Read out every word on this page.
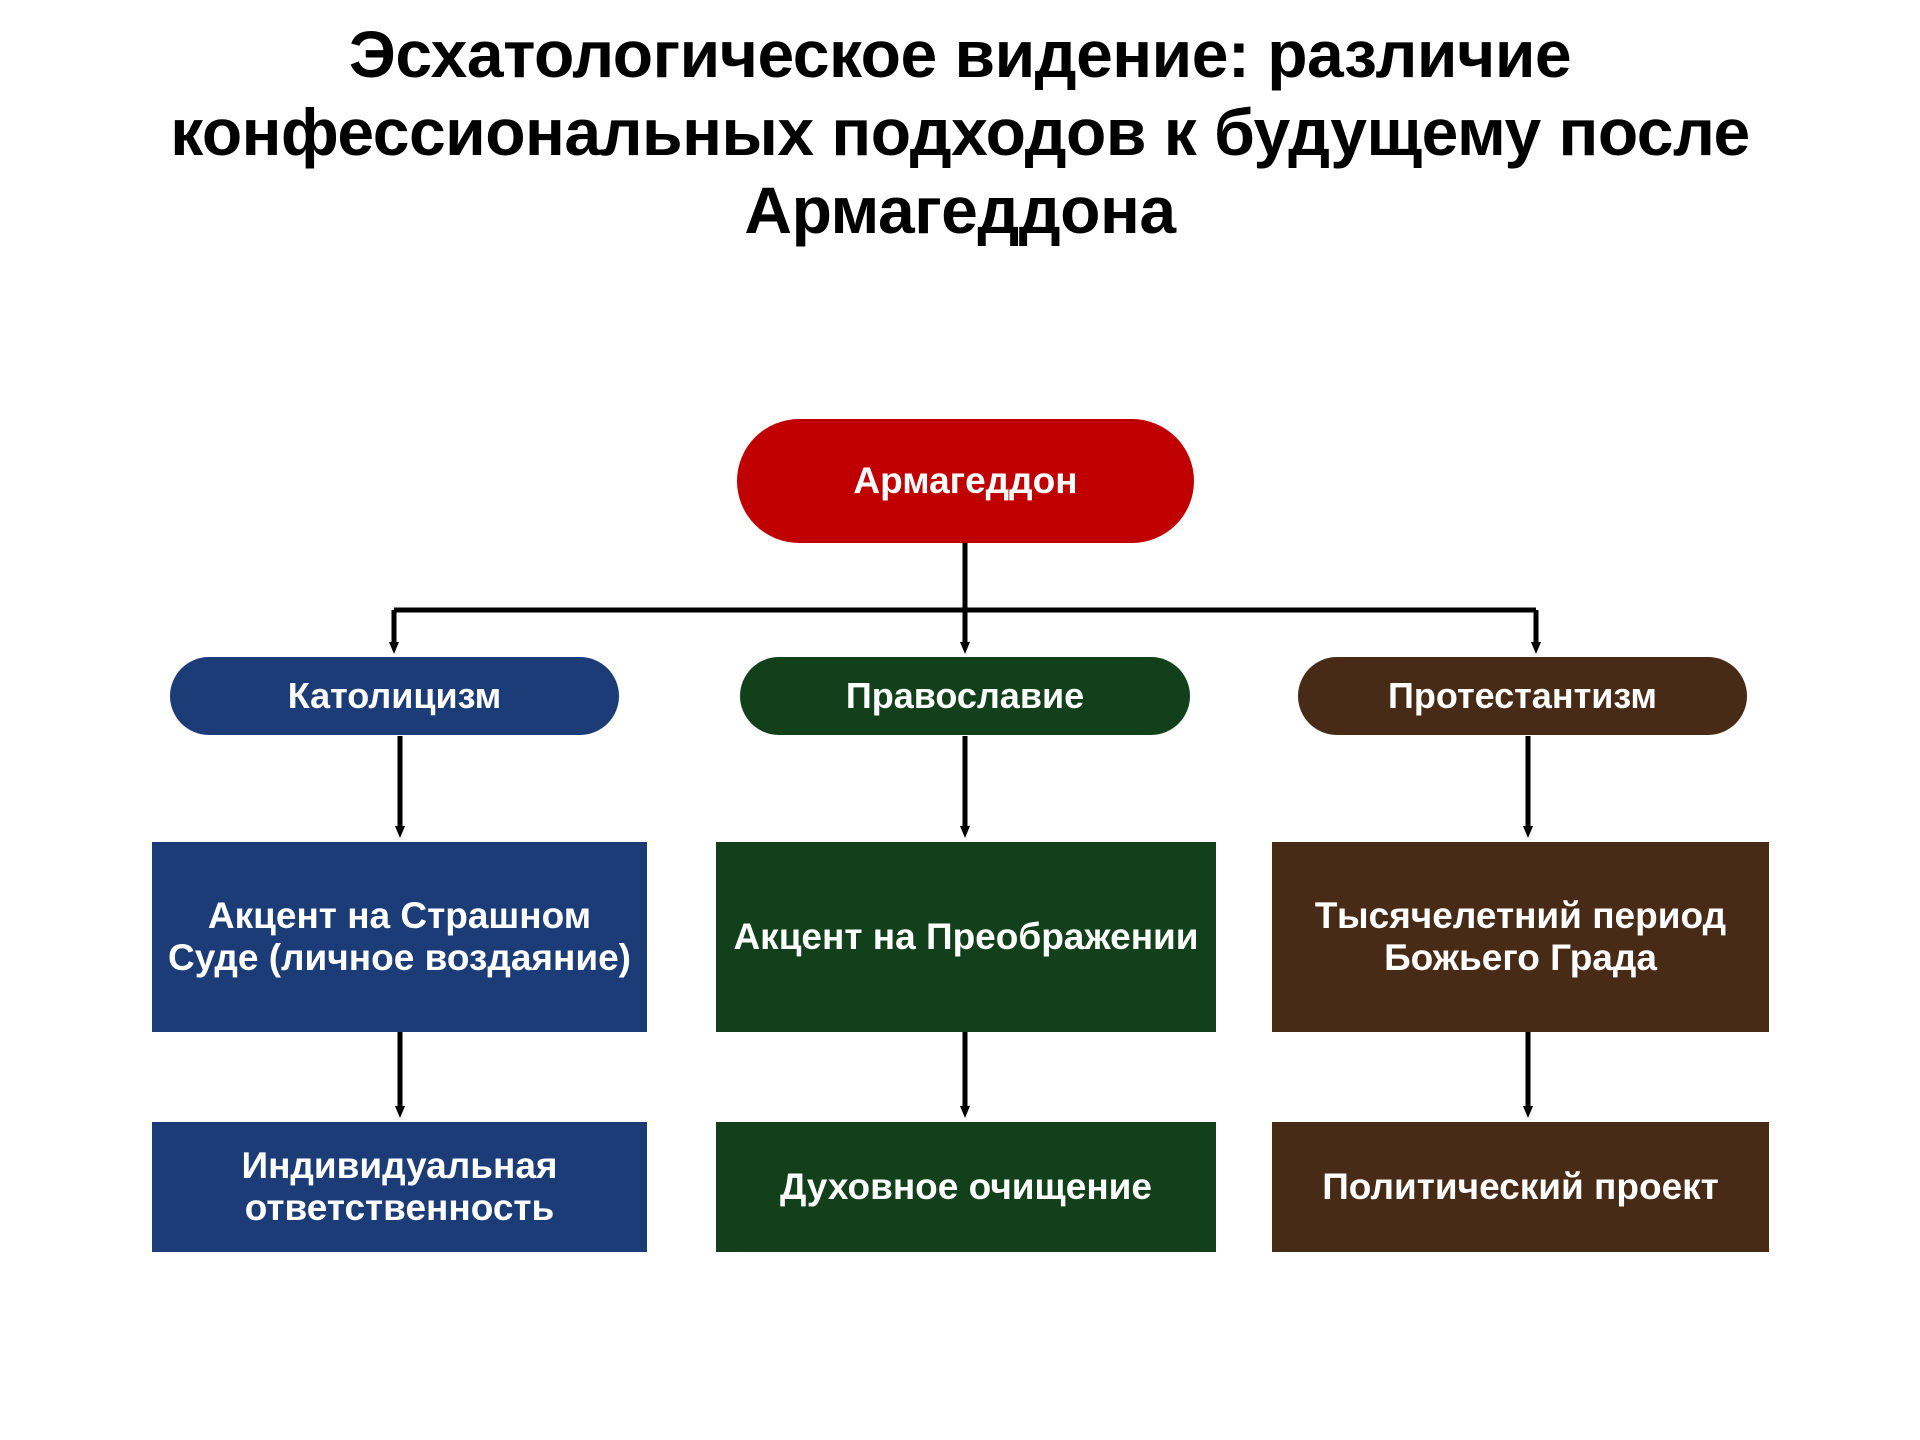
Эсхатологическое видение: различие конфессиональных подходов к будущему после Армагеддона
Армагеддон
Католицизм	Православие	Протестантизм
Акцент на Страшном Суде (личное воздаяние)
Акцент на Преображении
Тысячелетний период Божьего Града
Индивидуальная ответственность
Духовное очищение	Политический проект
